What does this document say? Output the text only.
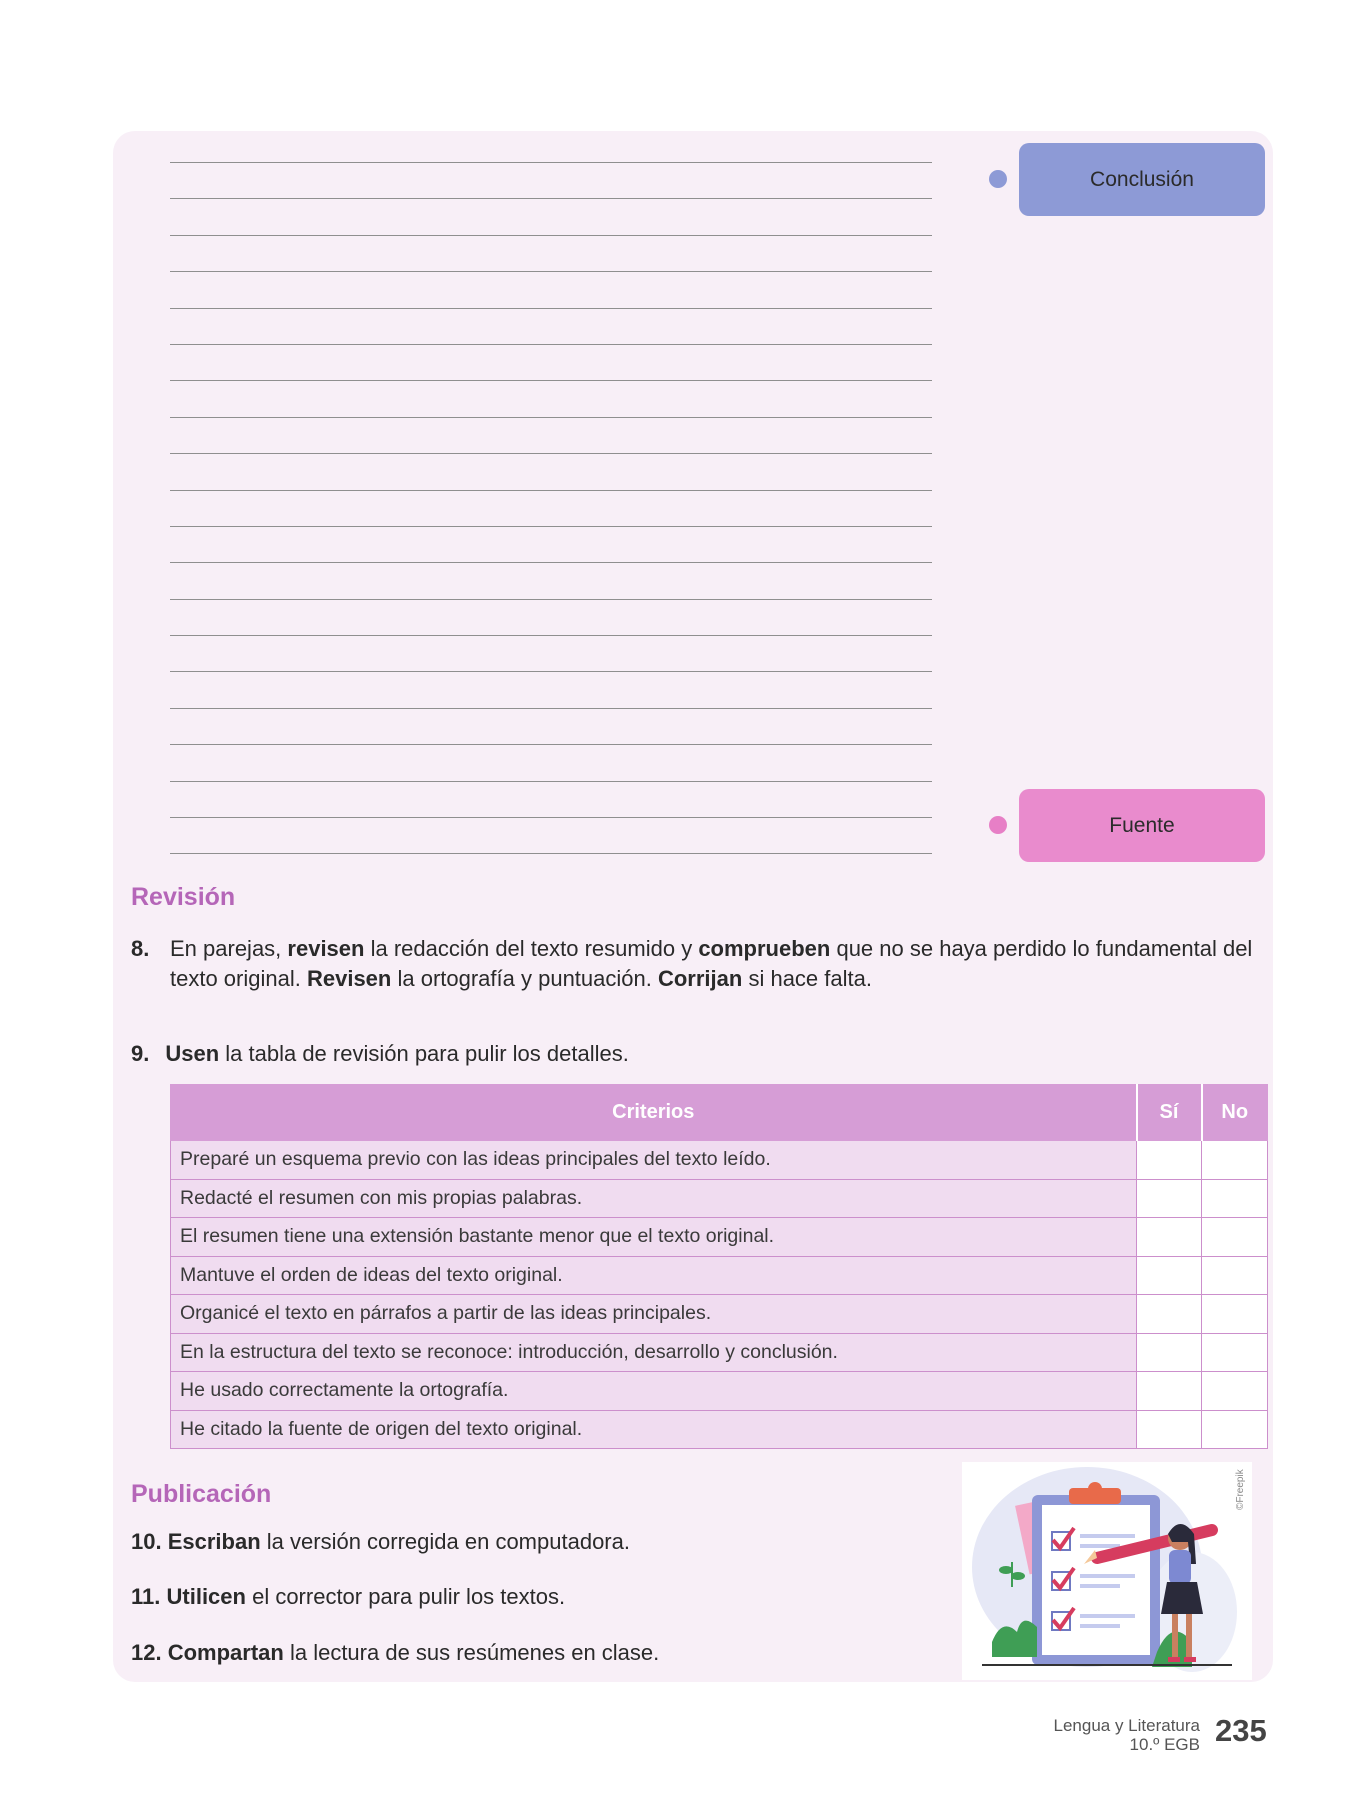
Conclusión
Fuente
Revisión
8. En parejas, revisen la redacción del texto resumido y comprueben que no se haya perdido lo fundamental del texto original. Revisen la ortografía y puntuación. Corrijan si hace falta.
9. Usen la tabla de revisión para pulir los detalles.
Criterios	Sí	No
Preparé un esquema previo con las ideas principales del texto leído.		
Redacté el resumen con mis propias palabras.		
El resumen tiene una extensión bastante menor que el texto original.		
Mantuve el orden de ideas del texto original.		
Organicé el texto en párrafos a partir de las ideas principales.		
En la estructura del texto se reconoce: introducción, desarrollo y conclusión.		
He usado correctamente la ortografía.		
He citado la fuente de origen del texto original.		
Publicación
10. Escriban la versión corregida en computadora.
11. Utilicen el corrector para pulir los textos.
12. Compartan la lectura de sus resúmenes en clase.
©Freepik
Lengua y Literatura
10.º EGB 235
